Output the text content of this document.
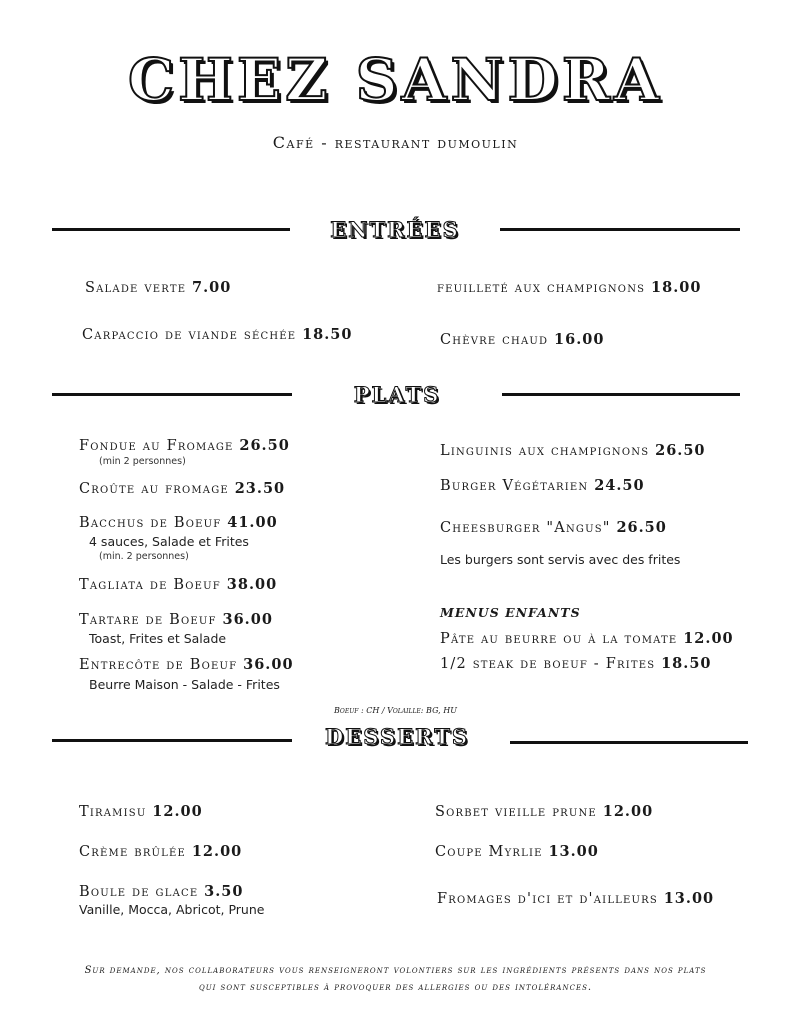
CHEZ SANDRA
Café - restaurant dumoulin
ENTRÉES
Salade verte 7.00	feuilleté aux champignons 18.00
Carpaccio de viande séchée 18.50	Chèvre chaud 16.00
PLATS
Fondue au Fromage 26.50
(min 2 personnes)
Croûte au fromage 23.50
Bacchus de Boeuf 41.00
4 sauces, Salade et Frites
(min. 2 personnes)
Tagliata de Boeuf 38.00
Tartare de Boeuf 36.00
Toast, Frites et Salade
Entrecôte de Boeuf 36.00
Beurre Maison - Salade - Frites
Linguinis aux champignons 26.50
Burger Végétarien 24.50
Cheesburger "Angus" 26.50
Les burgers sont servis avec des frites
MENUS ENFANTS
Pâte au beurre ou à la tomate 12.00
1/2 steak de boeuf - Frites 18.50
Boeuf : CH / Volaille: BG, HU
DESSERTS
Tiramisu 12.00	Sorbet vieille prune 12.00
Crème brûlée 12.00	Coupe Myrlie 13.00
Boule de glace 3.50
Vanille, Mocca, Abricot, Prune
Fromages d'ici et d'ailleurs 13.00
Sur demande, nos collaborateurs vous renseigneront volontiers sur les ingrédients présents dans nos plats
qui sont susceptibles à provoquer des allergies ou des intolérances.
